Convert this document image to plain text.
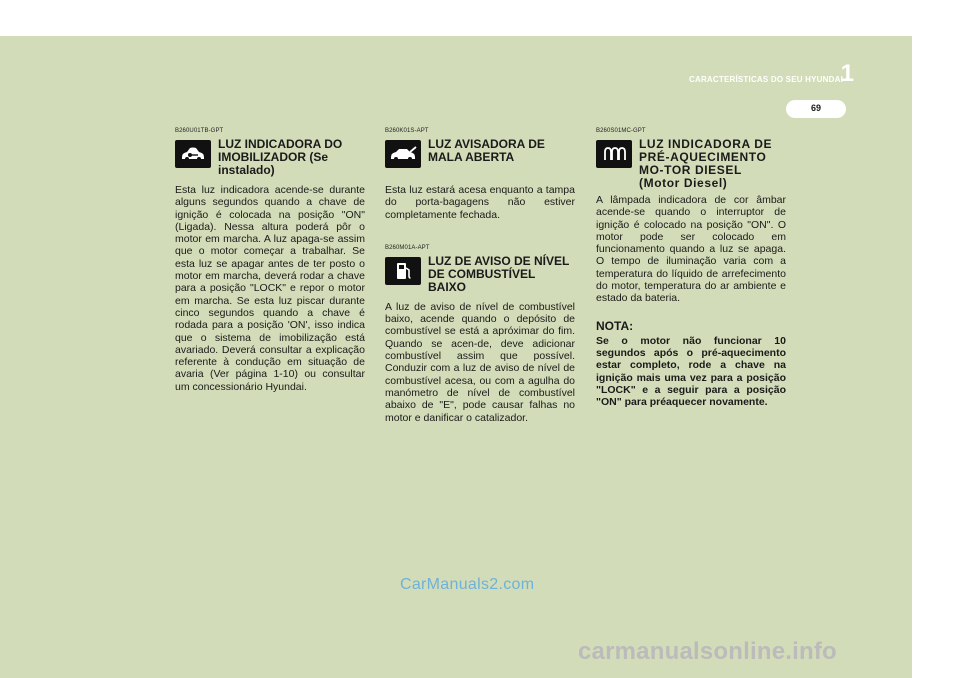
1
CARACTERÍSTICAS DO SEU HYUNDAI
69

B260U01TB-GPT

LUZ INDICADORA DO IMOBILIZADOR (Se instalado)

Esta luz indicadora acende-se durante alguns segundos quando a chave de ignição é colocada na posição "ON" (Ligada). Nessa altura poderá pôr o motor em marcha. A luz apaga-se assim que o motor começar a trabalhar. Se esta luz se apagar antes de ter posto o motor em marcha, deverá rodar a chave para a posição "LOCK" e repor o motor em marcha. Se esta luz piscar durante cinco segundos quando a chave é rodada para a posição 'ON', isso indica que o sistema de imobilização está avariado. Deverá consultar a explicação referente à condução em situação de avaria (Ver página 1-10) ou consultar um concessionário Hyundai.

B260K01S-APT

LUZ AVISADORA DE MALA ABERTA

Esta luz estará acesa enquanto a tampa do porta-bagagens não estiver completamente fechada.

B260M01A-APT

LUZ DE AVISO DE NÍVEL DE COMBUSTÍVEL BAIXO

A luz de aviso de nível de combustível baixo, acende quando o depósito de combustível se está a apróximar do fim. Quando se acen-de, deve adicionar combustível assim que possível. Conduzir com a luz de aviso de nível de combustível acesa, ou com a agulha do manómetro de nível de combustível abaixo de "E", pode causar falhas no motor e danificar o catalizador.

B260S01MC-GPT

LUZ INDICADORA DE PRÉ-AQUECIMENTO MO-TOR DIESEL (Motor Diesel)

A lâmpada indicadora de cor âmbar acende-se quando o interruptor de ignição é colocado na posição "ON". O motor pode ser colocado em funcionamento quando a luz se apaga. O tempo de iluminação varia com a temperatura do líquido de arrefecimento do motor, temperatura do ar ambiente e estado da bateria.

NOTA:

Se o motor não funcionar 10 segundos após o pré-aquecimento estar completo, rode a chave na ignição mais uma vez para a posição "LOCK" e a seguir para a posição "ON" para préaquecer novamente.

CarManuals2.com
carmanualsonline.info
